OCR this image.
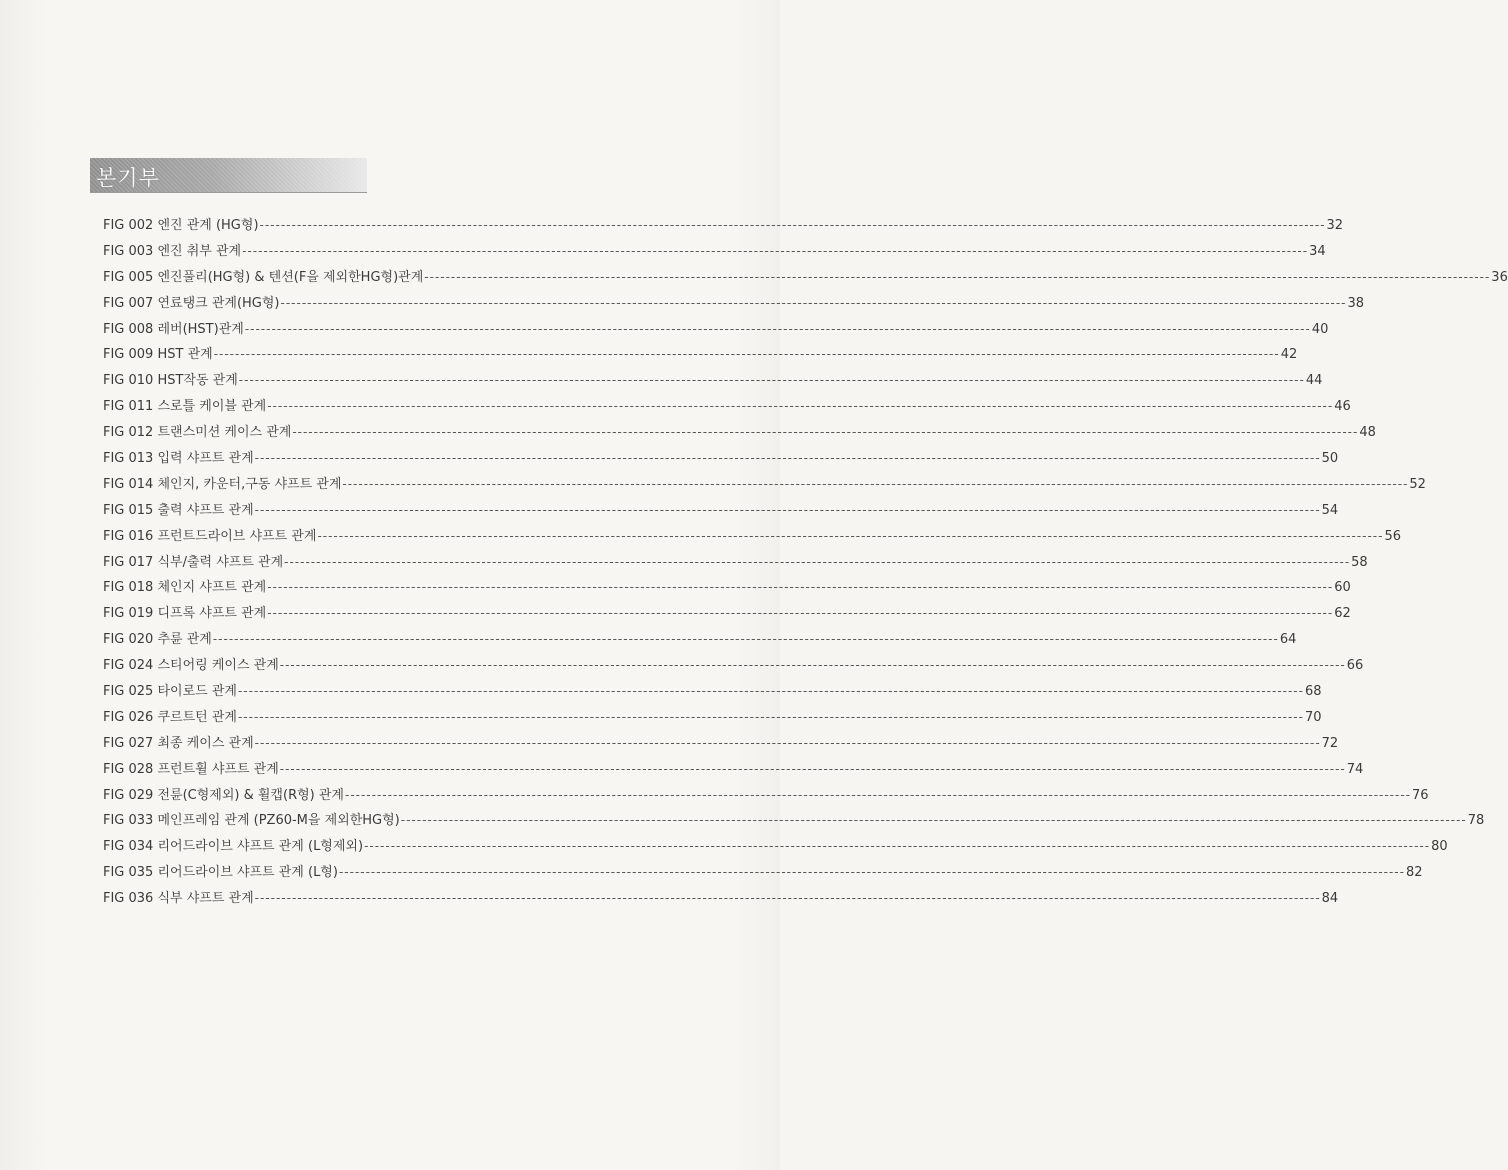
본기부
FIG 002 엔진 관계 (HG형) -------------------------------------------------------------------------------------------------------------------------------------------------------------------------------------------------------- 32
FIG 003 엔진 취부 관계 -------------------------------------------------------------------------------------------------------------------------------------------------------------------------------------------------------- 34
FIG 005 엔진풀리(HG형) & 텐션(F을 제외한HG형)관계 -------------------------------------------------------------------------------------------------------------------------------------------------------------------------------------------------------- 36
FIG 007 연료탱크 관계(HG형) -------------------------------------------------------------------------------------------------------------------------------------------------------------------------------------------------------- 38
FIG 008 레버(HST)관계 -------------------------------------------------------------------------------------------------------------------------------------------------------------------------------------------------------- 40
FIG 009 HST 관계 -------------------------------------------------------------------------------------------------------------------------------------------------------------------------------------------------------- 42
FIG 010 HST작동 관계 -------------------------------------------------------------------------------------------------------------------------------------------------------------------------------------------------------- 44
FIG 011 스로틀 케이블 관계 -------------------------------------------------------------------------------------------------------------------------------------------------------------------------------------------------------- 46
FIG 012 트랜스미션 케이스 관계 -------------------------------------------------------------------------------------------------------------------------------------------------------------------------------------------------------- 48
FIG 013 입력 샤프트 관계 -------------------------------------------------------------------------------------------------------------------------------------------------------------------------------------------------------- 50
FIG 014 체인지, 카운터,구동 샤프트 관계 -------------------------------------------------------------------------------------------------------------------------------------------------------------------------------------------------------- 52
FIG 015 출력 샤프트 관계 -------------------------------------------------------------------------------------------------------------------------------------------------------------------------------------------------------- 54
FIG 016 프런트드라이브 샤프트 관계 -------------------------------------------------------------------------------------------------------------------------------------------------------------------------------------------------------- 56
FIG 017 식부/출력 샤프트 관계 -------------------------------------------------------------------------------------------------------------------------------------------------------------------------------------------------------- 58
FIG 018 체인지 샤프트 관계 -------------------------------------------------------------------------------------------------------------------------------------------------------------------------------------------------------- 60
FIG 019 디프록 샤프트 관계 -------------------------------------------------------------------------------------------------------------------------------------------------------------------------------------------------------- 62
FIG 020 추륜 관계 -------------------------------------------------------------------------------------------------------------------------------------------------------------------------------------------------------- 64
FIG 024 스티어링 케이스 관계 -------------------------------------------------------------------------------------------------------------------------------------------------------------------------------------------------------- 66
FIG 025 타이로드 관계 -------------------------------------------------------------------------------------------------------------------------------------------------------------------------------------------------------- 68
FIG 026 쿠르트턴 관계 -------------------------------------------------------------------------------------------------------------------------------------------------------------------------------------------------------- 70
FIG 027 최종 케이스 관계 -------------------------------------------------------------------------------------------------------------------------------------------------------------------------------------------------------- 72
FIG 028 프런트휠 샤프트 관계 -------------------------------------------------------------------------------------------------------------------------------------------------------------------------------------------------------- 74
FIG 029 전륜(C형제외) & 휠캡(R형) 관계 -------------------------------------------------------------------------------------------------------------------------------------------------------------------------------------------------------- 76
FIG 033 메인프레임 관계 (PZ60-M을 제외한HG형) -------------------------------------------------------------------------------------------------------------------------------------------------------------------------------------------------------- 78
FIG 034 리어드라이브 샤프트 관계 (L형제외) -------------------------------------------------------------------------------------------------------------------------------------------------------------------------------------------------------- 80
FIG 035 리어드라이브 샤프트 관계 (L형) -------------------------------------------------------------------------------------------------------------------------------------------------------------------------------------------------------- 82
FIG 036 식부 샤프트 관계 -------------------------------------------------------------------------------------------------------------------------------------------------------------------------------------------------------- 84
